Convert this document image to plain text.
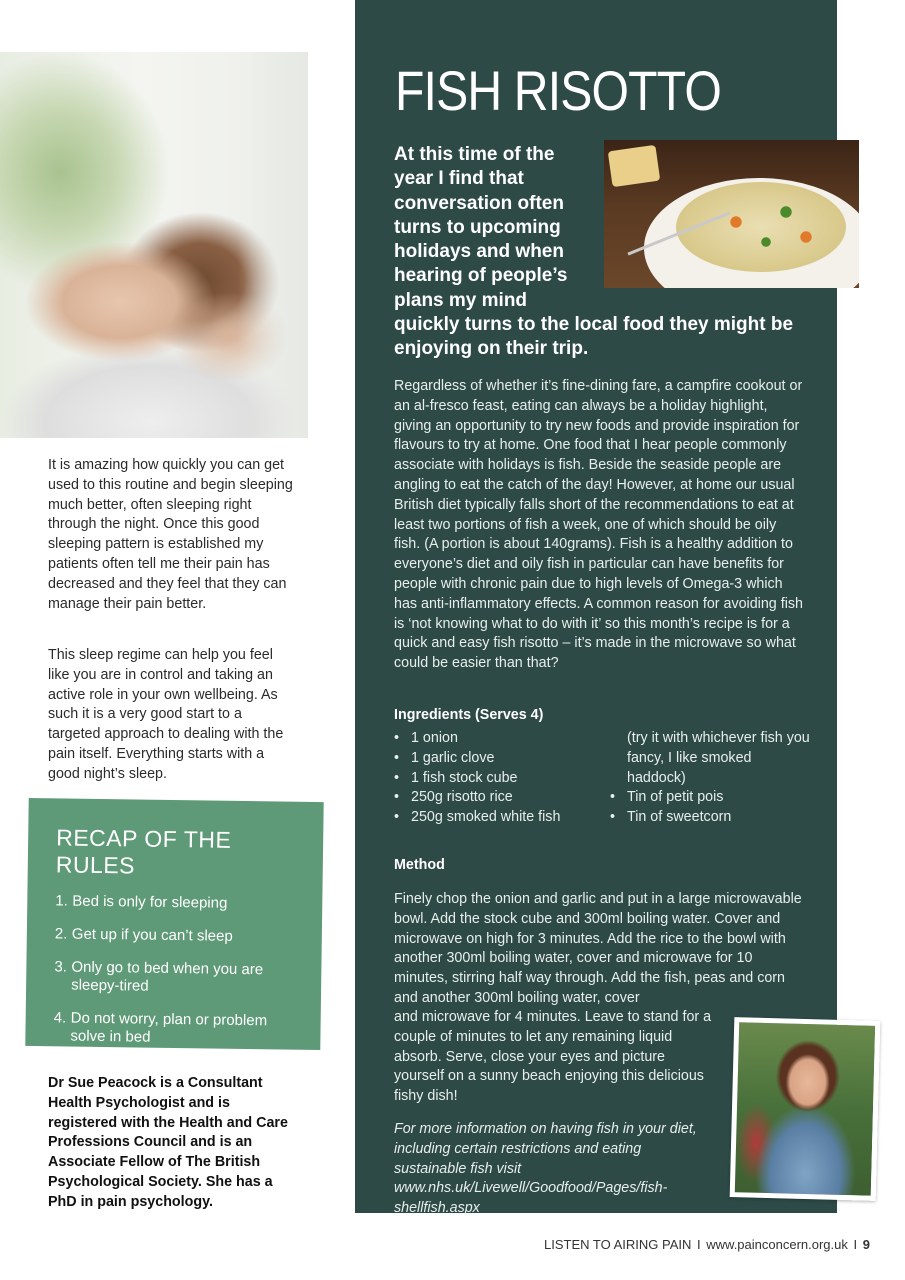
It is amazing how quickly you can get used to this routine and begin sleeping much better, often sleeping right through the night. Once this good sleeping pattern is established my patients often tell me their pain has decreased and they feel that they can manage their pain better.

This sleep regime can help you feel like you are in control and taking an active role in your own wellbeing. As such it is a very good start to a targeted approach to dealing with the pain itself. Everything starts with a good night’s sleep.

RECAP OF THE RULES
1. Bed is only for sleeping
2. Get up if you can’t sleep
3. Only go to bed when you are sleepy-tired
4. Do not worry, plan or problem solve in bed

Dr Sue Peacock is a Consultant Health Psychologist and is registered with the Health and Care Professions Council and is an Associate Fellow of The British Psychological Society. She has a PhD in pain psychology.

FISH RISOTTO

At this time of the year I find that conversation often turns to upcoming holidays and when hearing of people’s plans my mind

quickly turns to the local food they might be enjoying on their trip.

Regardless of whether it’s fine-dining fare, a campfire cookout or an al-fresco feast, eating can always be a holiday highlight, giving an opportunity to try new foods and provide inspiration for flavours to try at home. One food that I hear people commonly associate with holidays is fish. Beside the seaside people are angling to eat the catch of the day! However, at home our usual British diet typically falls short of the recommendations to eat at least two portions of fish a week, one of which should be oily fish. (A portion is about 140grams). Fish is a healthy addition to everyone’s diet and oily fish in particular can have benefits for people with chronic pain due to high levels of Omega-3 which has anti-inflammatory effects. A common reason for avoiding fish is ‘not knowing what to do with it’ so this month’s recipe is for a quick and easy fish risotto – it’s made in the microwave so what could be easier than that?

Ingredients (Serves 4)
• 1 onion
• 1 garlic clove
• 1 fish stock cube
• 250g risotto rice
• 250g smoked white fish
(try it with whichever fish you fancy, I like smoked haddock)
• Tin of petit pois
• Tin of sweetcorn
Method

Finely chop the onion and garlic and put in a large microwavable bowl. Add the stock cube and 300ml boiling water. Cover and microwave on high for 3 minutes. Add the rice to the bowl with another 300ml boiling water, cover and microwave for 10 minutes, stirring half way through. Add the fish, peas and corn and another 300ml boiling water, cover

and microwave for 4 minutes. Leave to stand for a couple of minutes to let any remaining liquid absorb. Serve, close your eyes and picture yourself on a sunny beach enjoying this delicious fishy dish!

For more information on having fish in your diet, including certain restrictions and eating sustainable fish visit www.nhs.uk/Livewell/Goodfood/Pages/fish-shellfish.aspx

LISTEN TO AIRING PAIN I www.painconcern.org.uk I 9
